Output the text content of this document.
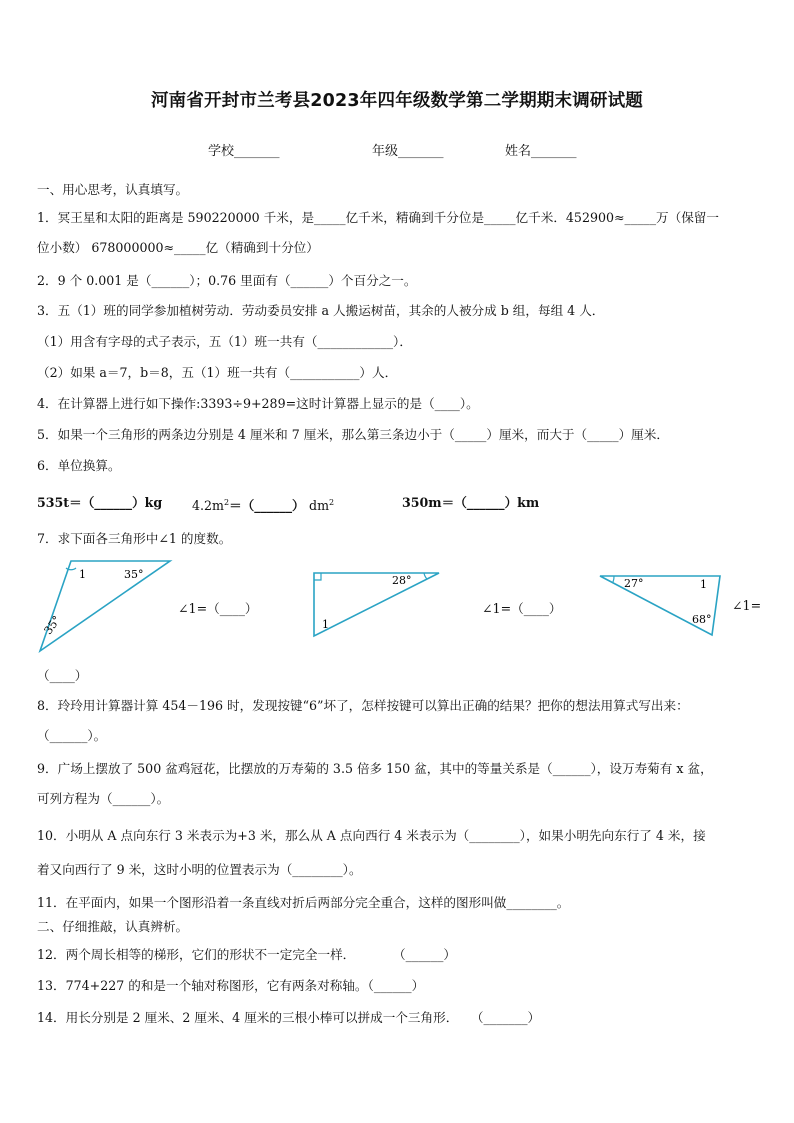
河南省开封市兰考县2023年四年级数学第二学期期末调研试题
学校_______	年级_______	姓名_______
一、用心思考，认真填写。
1．冥王星和太阳的距离是 590220000 千米，是_____亿千米，精确到千分位是_____亿千米．452900≈_____万（保留一
位小数） 678000000≈_____亿（精确到十分位）
2．9 个 0.001 是（______）；0.76 里面有（______）个百分之一。
3．五（1）班的同学参加植树劳动．劳动委员安排 a 人搬运树苗，其余的人被分成 b 组，每组 4 人．
（1）用含有字母的式子表示，五（1）班一共有（____________）．
（2）如果 a＝7，b＝8，五（1）班一共有（___________）人．
4．在计算器上进行如下操作:3393÷9+289=这时计算器上显示的是（____）。
5．如果一个三角形的两条边分别是 4 厘米和 7 厘米，那么第三条边小于（_____）厘米，而大于（_____）厘米．
6．单位换算。
535t＝（______）kg $4.2m^2=(\_\_\_\_\_\_)$ $dm^2$	350m＝（______）km
7．求下面各三角形中∠1 的度数。
1	35°
35°
∠1=（____）
28°
1
∠1=（____）
27°	1
68°
∠1=
（____）
8．玲玲用计算器计算 454－196 时，发现按键“6”坏了，怎样按键可以算出正确的结果？把你的想法用算式写出来：
（______）。
9．广场上摆放了 500 盆鸡冠花，比摆放的万寿菊的 3.5 倍多 150 盆，其中的等量关系是（______），设万寿菊有 x 盆，
可列方程为（______）。
10．小明从 A 点向东行 3 米表示为+3 米，那么从 A 点向西行 4 米表示为（________），如果小明先向东行了 4 米，接
着又向西行了 9 米，这时小明的位置表示为（________）。
11．在平面内，如果一个图形沿着一条直线对折后两部分完全重合，这样的图形叫做________。
二、仔细推敲，认真辨析。
12．两个周长相等的梯形，它们的形状不一定完全一样．　　　　（______）
13．774+227 的和是一个轴对称图形，它有两条对称轴。（______）
14．用长分别是 2 厘米、2 厘米、4 厘米的三根小棒可以拼成一个三角形．　　（_______）
